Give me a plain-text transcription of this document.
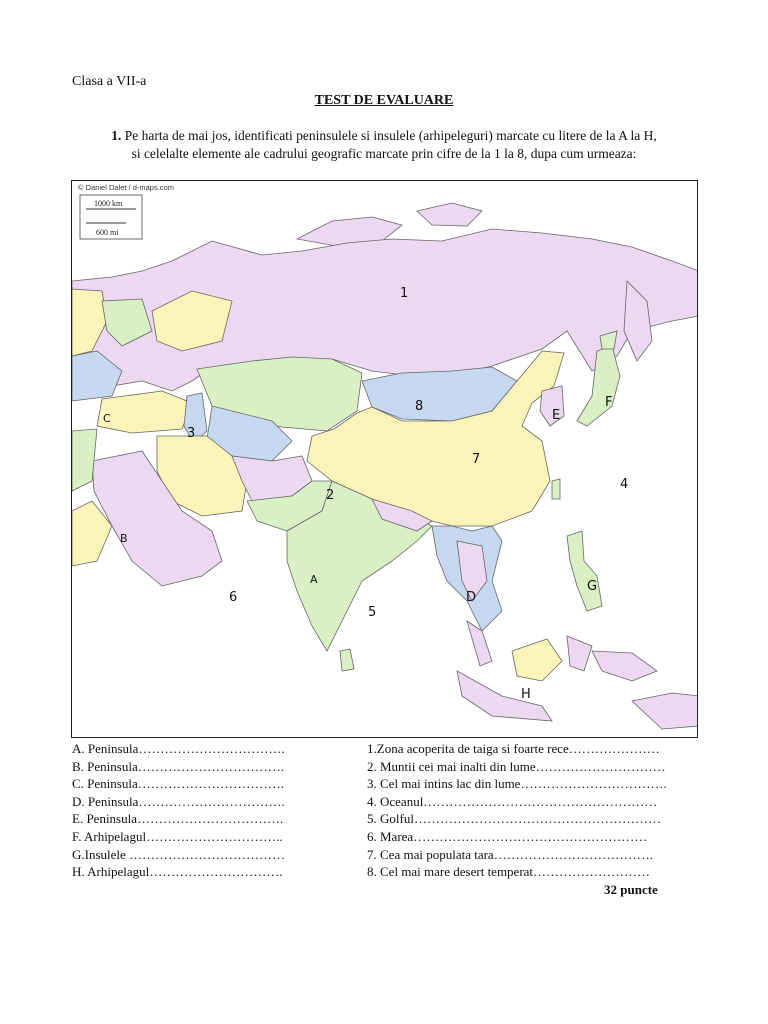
Clasa a VII-a
TEST DE EVALUARE
1. Pe harta de mai jos, identificati peninsulele si insulele (arhipeleguri) marcate cu litere de la A la H,
si celelalte elemente ale cadrului geografic marcate prin cifre de la 1 la 8, dupa cum urmeaza:
© Daniel Dalet / d-maps.com
1000 km
600 mi
1
2
3
4
5
6
7
8
A
B
C
D
E
F
G
H
A. Peninsula…………………………….
B. Peninsula…………………………….
C. Peninsula…………………………….
D. Peninsula…………………………….
E. Peninsula…………………………….
F. Arhipelagul…………………………..
G.Insulele ………………………………
H. Arhipelagul………………………….
1.Zona acoperita de taiga si foarte rece…………………
2. Muntii cei mai inalti din lume…………………………
3. Cel mai intins lac din lume…………………………….
4. Oceanul………………………………………………
5. Golful…………………………………………………
6. Marea………………………………………………
7. Cea mai populata tara……………………………….
8. Cel mai mare desert temperat………………………
32 puncte
